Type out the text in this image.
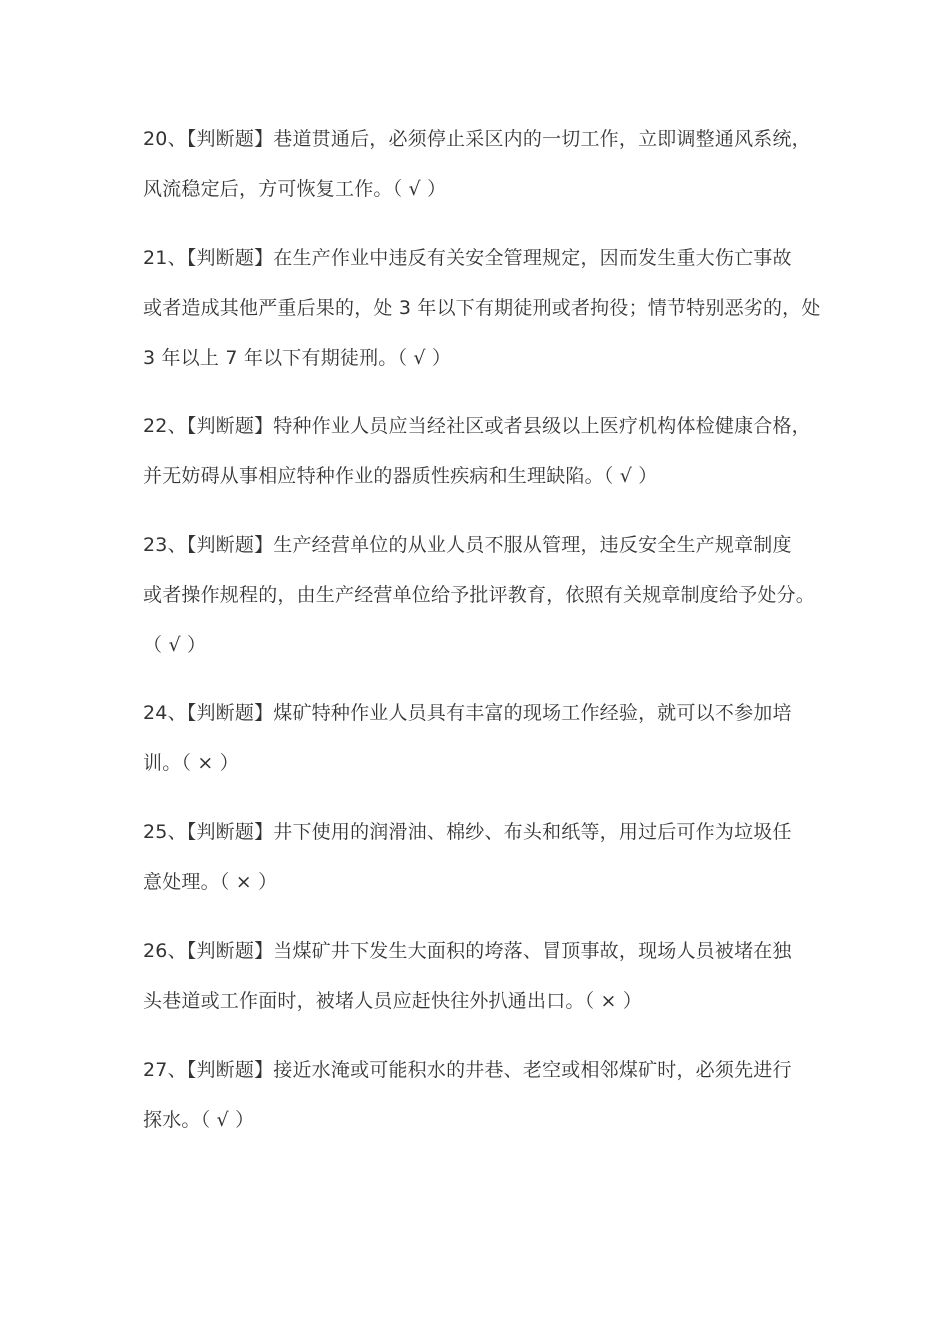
20、【判断题】巷道贯通后，必须停止采区内的一切工作，立即调整通风系统，
风流稳定后，方可恢复工作。（ √ ）
21、【判断题】在生产作业中违反有关安全管理规定，因而发生重大伤亡事故
或者造成其他严重后果的，处 3 年以下有期徒刑或者拘役；情节特别恶劣的，处
3 年以上 7 年以下有期徒刑。（ √ ）
22、【判断题】特种作业人员应当经社区或者县级以上医疗机构体检健康合格，
并无妨碍从事相应特种作业的器质性疾病和生理缺陷。（ √ ）
23、【判断题】生产经营单位的从业人员不服从管理，违反安全生产规章制度
或者操作规程的，由生产经营单位给予批评教育，依照有关规章制度给予处分。
（ √ ）
24、【判断题】煤矿特种作业人员具有丰富的现场工作经验，就可以不参加培
训。（ × ）
25、【判断题】井下使用的润滑油、棉纱、布头和纸等，用过后可作为垃圾任
意处理。（ × ）
26、【判断题】当煤矿井下发生大面积的垮落、冒顶事故，现场人员被堵在独
头巷道或工作面时，被堵人员应赶快往外扒通出口。（ × ）
27、【判断题】接近水淹或可能积水的井巷、老空或相邻煤矿时，必须先进行
探水。（ √ ）
